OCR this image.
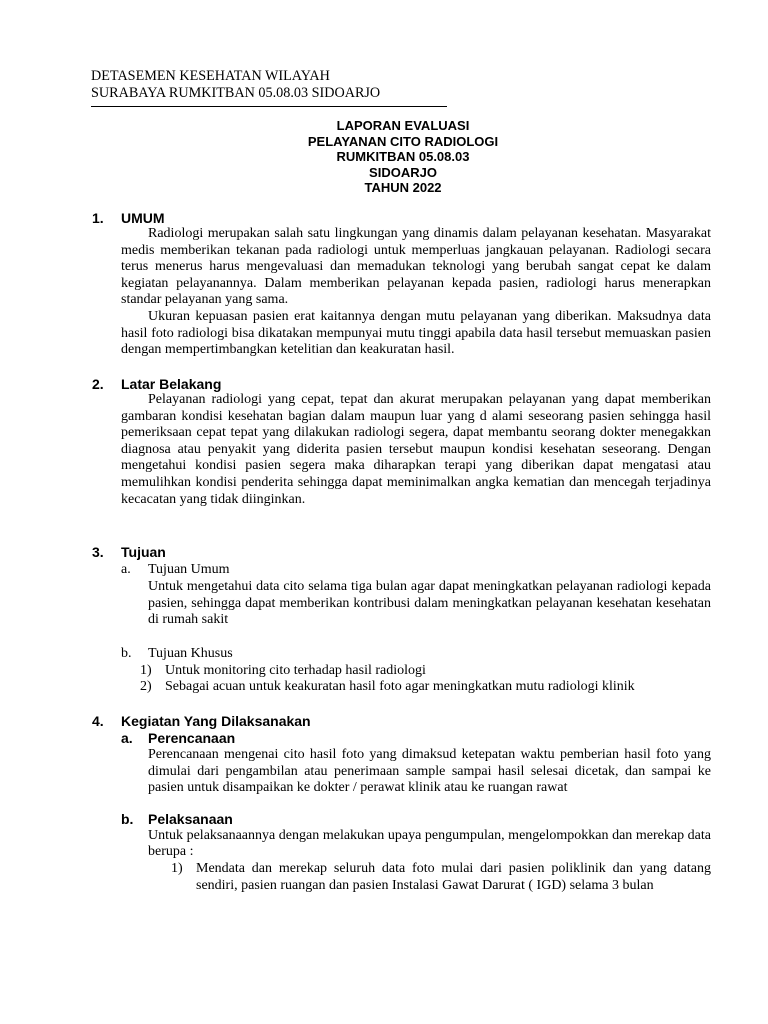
DETASEMEN KESEHATAN WILAYAH
SURABAYA RUMKITBAN 05.08.03 SIDOARJO
LAPORAN EVALUASI
PELAYANAN CITO RADIOLOGI
RUMKITBAN 05.08.03
SIDOARJO
TAHUN 2022
1. UMUM

Radiologi merupakan salah satu lingkungan yang dinamis dalam pelayanan kesehatan. Masyarakat medis memberikan tekanan pada radiologi untuk memperluas jangkauan pelayanan. Radiologi secara terus menerus harus mengevaluasi dan memadukan teknologi yang berubah sangat cepat ke dalam kegiatan pelayanannya. Dalam memberikan pelayanan kepada pasien, radiologi harus menerapkan standar pelayanan yang sama.

Ukuran kepuasan pasien erat kaitannya dengan mutu pelayanan yang diberikan. Maksudnya data hasil foto radiologi bisa dikatakan mempunyai mutu tinggi apabila data hasil tersebut memuaskan pasien dengan mempertimbangkan ketelitian dan keakuratan hasil.

2. Latar Belakang

Pelayanan radiologi yang cepat, tepat dan akurat merupakan pelayanan yang dapat memberikan gambaran kondisi kesehatan bagian dalam maupun luar yang d alami seseorang pasien sehingga hasil pemeriksaan cepat tepat yang dilakukan radiologi segera, dapat membantu seorang dokter menegakkan diagnosa atau penyakit yang diderita pasien tersebut maupun kondisi kesehatan seseorang. Dengan mengetahui kondisi pasien segera maka diharapkan terapi yang diberikan dapat mengatasi atau memulihkan kondisi penderita sehingga dapat meminimalkan angka kematian dan mencegah terjadinya kecacatan yang tidak diinginkan.

3. Tujuan
a. Tujuan Umum

Untuk mengetahui data cito selama tiga bulan agar dapat meningkatkan pelayanan radiologi kepada pasien, sehingga dapat memberikan kontribusi dalam meningkatkan pelayanan kesehatan kesehatan di rumah sakit

b. Tujuan Khusus
1) Untuk monitoring cito terhadap hasil radiologi

2) Sebagai acuan untuk keakuratan hasil foto agar meningkatkan mutu radiologi klinik

4. Kegiatan Yang Dilaksanakan
a. Perencanaan

Perencanaan mengenai cito hasil foto yang dimaksud ketepatan waktu pemberian hasil foto yang dimulai dari pengambilan atau penerimaan sample sampai hasil selesai dicetak, dan sampai ke pasien untuk disampaikan ke dokter / perawat klinik atau ke ruangan rawat

b. Pelaksanaan

Untuk pelaksanaannya dengan melakukan upaya pengumpulan, mengelompokkan dan merekap data berupa :

1) Mendata dan merekap seluruh data foto mulai dari pasien poliklinik dan yang datang sendiri, pasien ruangan dan pasien Instalasi Gawat Darurat ( IGD) selama 3 bulan
